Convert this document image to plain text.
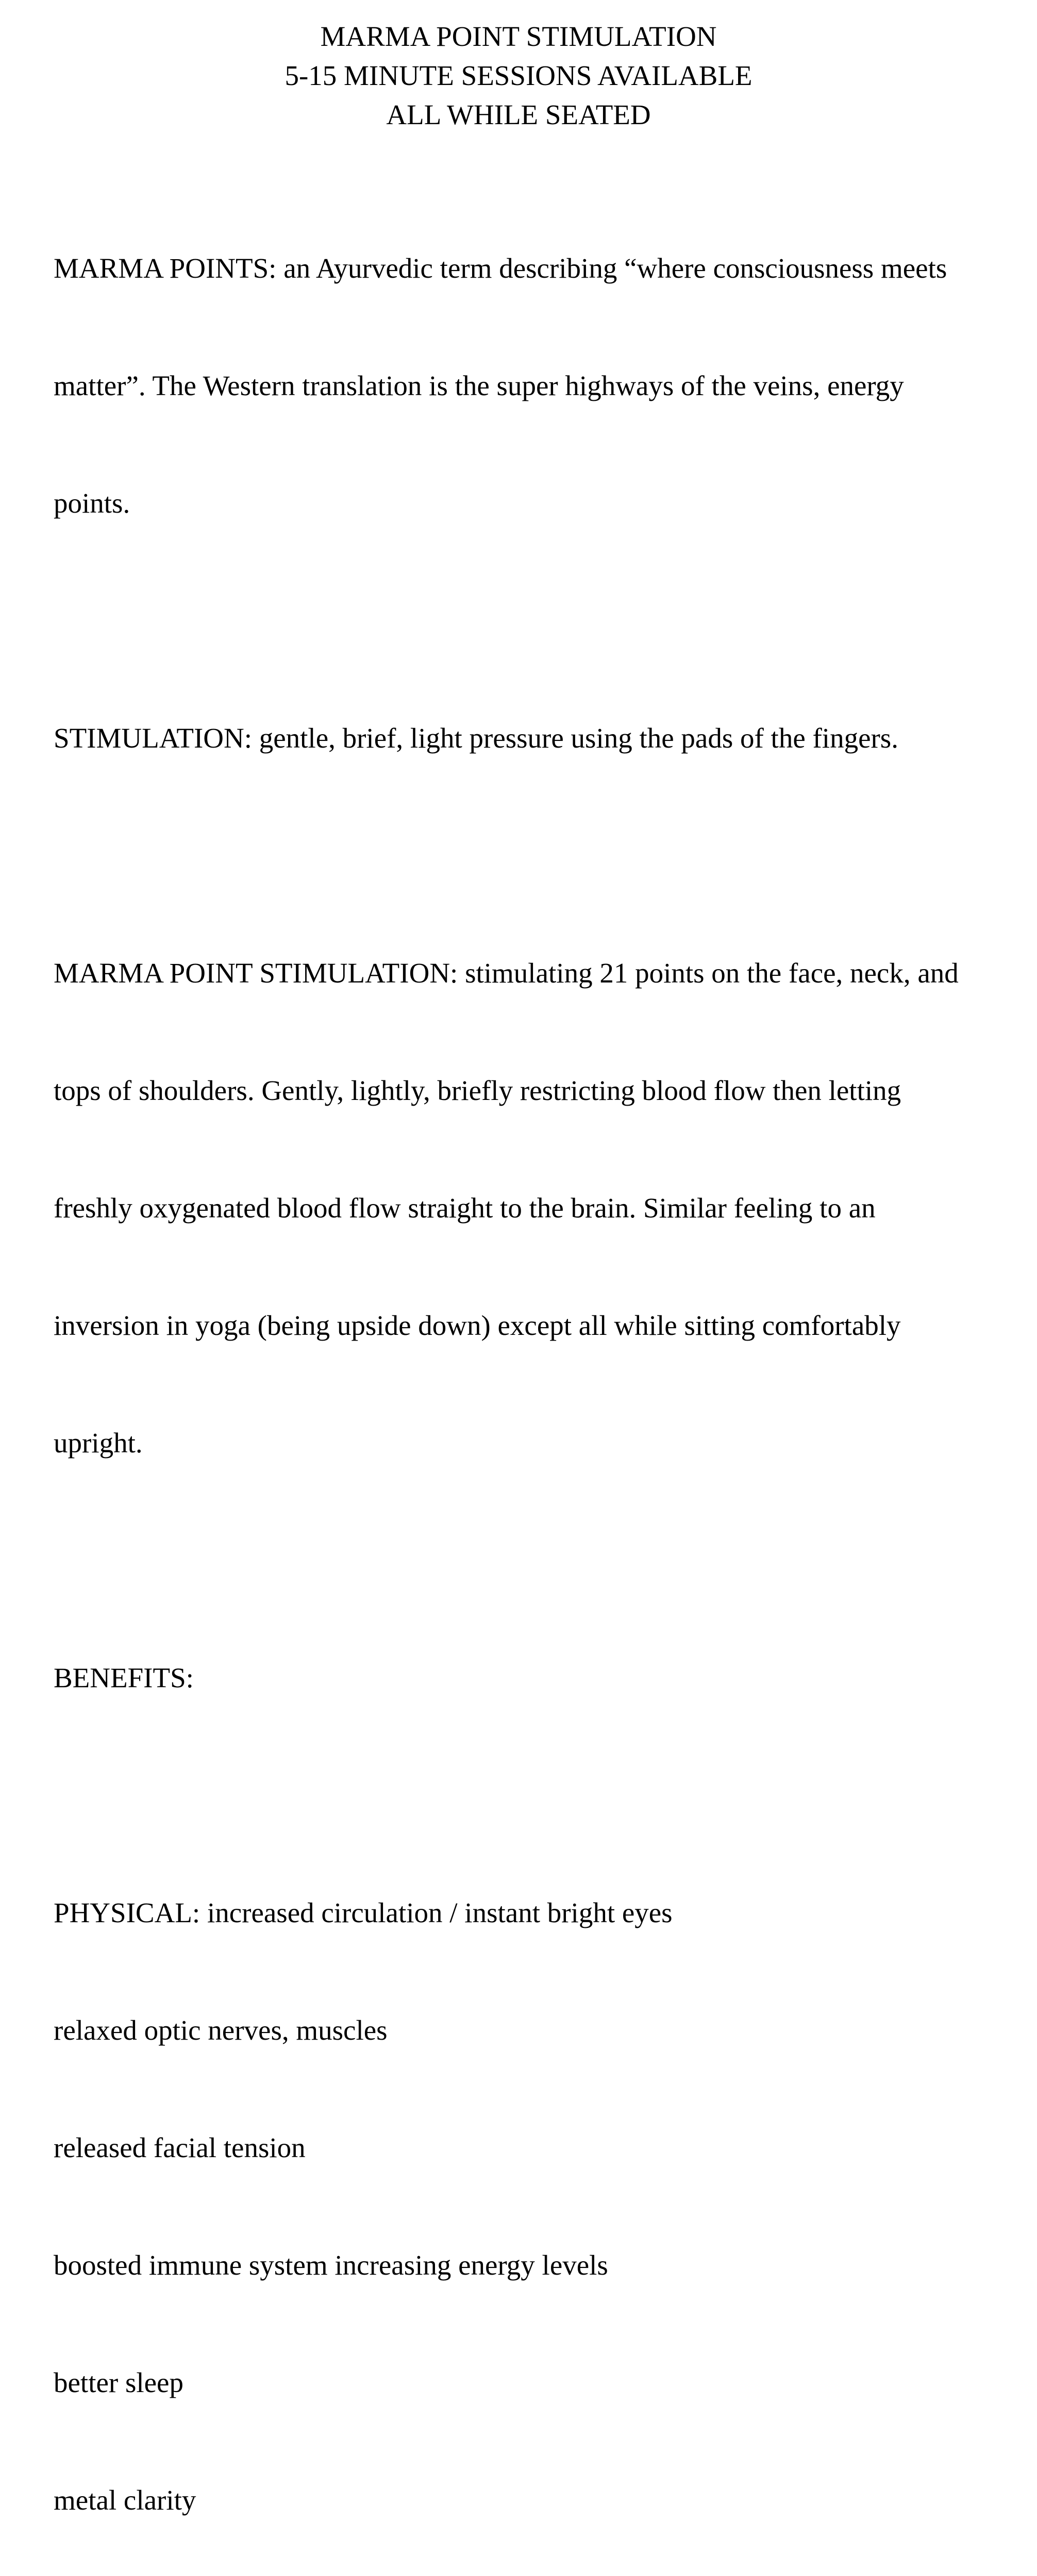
MARMA POINT STIMULATION
5-15 MINUTE SESSIONS AVAILABLE
ALL WHILE SEATED

MARMA POINTS: an Ayurvedic term describing “where consciousness meets

matter”. The Western translation is the super highways of the veins, energy

points.

STIMULATION: gentle, brief, light pressure using the pads of the fingers.

MARMA POINT STIMULATION: stimulating 21 points on the face, neck, and

tops of shoulders. Gently, lightly, briefly restricting blood flow then letting

freshly oxygenated blood flow straight to the brain. Similar feeling to an

inversion in yoga (being upside down) except all while sitting comfortably

upright.

BENEFITS:

PHYSICAL: increased circulation / instant bright eyes

relaxed optic nerves, muscles

released facial tension

boosted immune system increasing energy levels

better sleep

metal clarity
